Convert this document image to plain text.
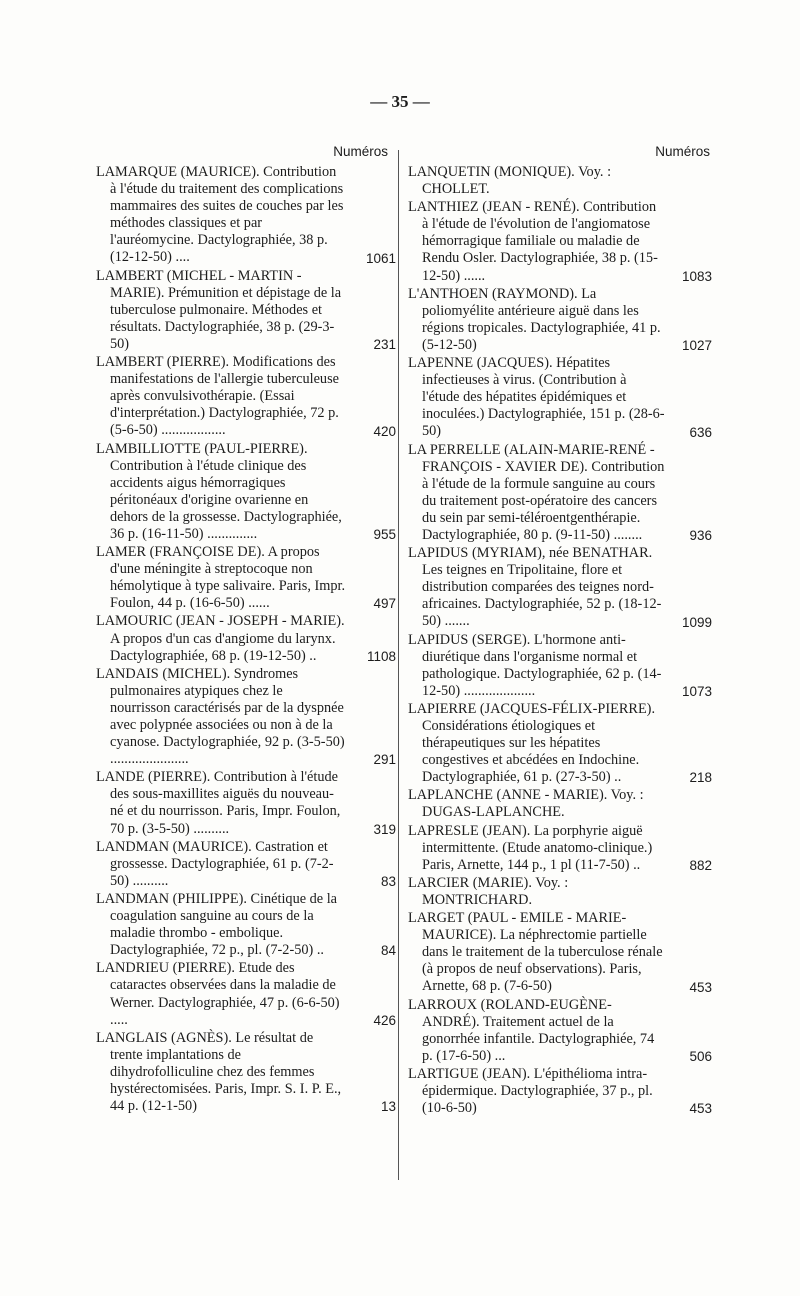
— 35 —
Numéros
LAMARQUE (MAURICE). Contribution à l'étude du traitement des complications mammaires des suites de couches par les méthodes classiques et par l'auréomycine. Dactylographiée, 38 p. (12-12-50) ....	1061
LAMBERT (MICHEL - MARTIN - MARIE). Prémunition et dépistage de la tuberculose pulmonaire. Méthodes et résultats. Dactylographiée, 38 p. (29-3-50)	231
LAMBERT (PIERRE). Modifications des manifestations de l'allergie tuberculeuse après convulsivothérapie. (Essai d'interprétation.) Dactylographiée, 72 p. (5-6-50) ..................	420
LAMBILLIOTTE (PAUL-PIERRE). Contribution à l'étude clinique des accidents aigus hémorragiques péritonéaux d'origine ovarienne en dehors de la grossesse. Dactylographiée, 36 p. (16-11-50) ..............	955
LAMER (FRANÇOISE DE). A propos d'une méningite à streptocoque non hémolytique à type salivaire. Paris, Impr. Foulon, 44 p. (16-6-50) ......	497
LAMOURIC (JEAN - JOSEPH - MARIE). A propos d'un cas d'angiome du larynx. Dactylographiée, 68 p. (19-12-50) ..	1108
LANDAIS (MICHEL). Syndromes pulmonaires atypiques chez le nourrisson caractérisés par de la dyspnée avec polypnée associées ou non à de la cyanose. Dactylographiée, 92 p. (3-5-50) ......................	291
LANDE (PIERRE). Contribution à l'étude des sous-maxillites aiguës du nouveau-né et du nourrisson. Paris, Impr. Foulon, 70 p. (3-5-50) ..........	319
LANDMAN (MAURICE). Castration et grossesse. Dactylographiée, 61 p. (7-2-50) ..........	83
LANDMAN (PHILIPPE). Cinétique de la coagulation sanguine au cours de la maladie thrombo - embolique. Dactylographiée, 72 p., pl. (7-2-50) ..	84
LANDRIEU (PIERRE). Etude des cataractes observées dans la maladie de Werner. Dactylographiée, 47 p. (6-6-50) .....	426
LANGLAIS (AGNÈS). Le résultat de trente implantations de dihydrofolliculine chez des femmes hystérectomisées. Paris, Impr. S. I. P. E., 44 p. (12-1-50)	13
Numéros
LANQUETIN (MONIQUE). Voy. : CHOLLET.
LANTHIEZ (JEAN - RENÉ). Contribution à l'étude de l'évolution de l'angiomatose hémorragique familiale ou maladie de Rendu Osler. Dactylographiée, 38 p. (15-12-50) ......	1083
L'ANTHOEN (RAYMOND). La poliomyélite antérieure aiguë dans les régions tropicales. Dactylographiée, 41 p. (5-12-50)	1027
LAPENNE (JACQUES). Hépatites infectieuses à virus. (Contribution à l'étude des hépatites épidémiques et inoculées.) Dactylographiée, 151 p. (28-6-50)	636
LA PERRELLE (ALAIN-MARIE-RENÉ - FRANÇOIS - XAVIER DE). Contribution à l'étude de la formule sanguine au cours du traitement post-opératoire des cancers du sein par semi-téléroentgenthérapie. Dactylographiée, 80 p. (9-11-50) ........	936
LAPIDUS (MYRIAM), née BENATHAR. Les teignes en Tripolitaine, flore et distribution comparées des teignes nord-africaines. Dactylographiée, 52 p. (18-12-50) .......	1099
LAPIDUS (SERGE). L'hormone anti-diurétique dans l'organisme normal et pathologique. Dactylographiée, 62 p. (14-12-50) ....................	1073
LAPIERRE (JACQUES-FÉLIX-PIERRE). Considérations étiologiques et thérapeutiques sur les hépatites congestives et abcédées en Indochine. Dactylographiée, 61 p. (27-3-50) ..	218
LAPLANCHE (ANNE - MARIE). Voy. : DUGAS-LAPLANCHE.
LAPRESLE (JEAN). La porphyrie aiguë intermittente. (Etude anatomo-clinique.) Paris, Arnette, 144 p., 1 pl (11-7-50) ..	882
LARCIER (MARIE). Voy. : MONTRICHARD.
LARGET (PAUL - EMILE - MARIE-MAURICE). La néphrectomie partielle dans le traitement de la tuberculose rénale (à propos de neuf observations). Paris, Arnette, 68 p. (7-6-50)	453
LARROUX (ROLAND-EUGÈNE-ANDRÉ). Traitement actuel de la gonorrhée infantile. Dactylographiée, 74 p. (17-6-50) ...	506
LARTIGUE (JEAN). L'épithélioma intra-épidermique. Dactylographiée, 37 p., pl. (10-6-50)	453
